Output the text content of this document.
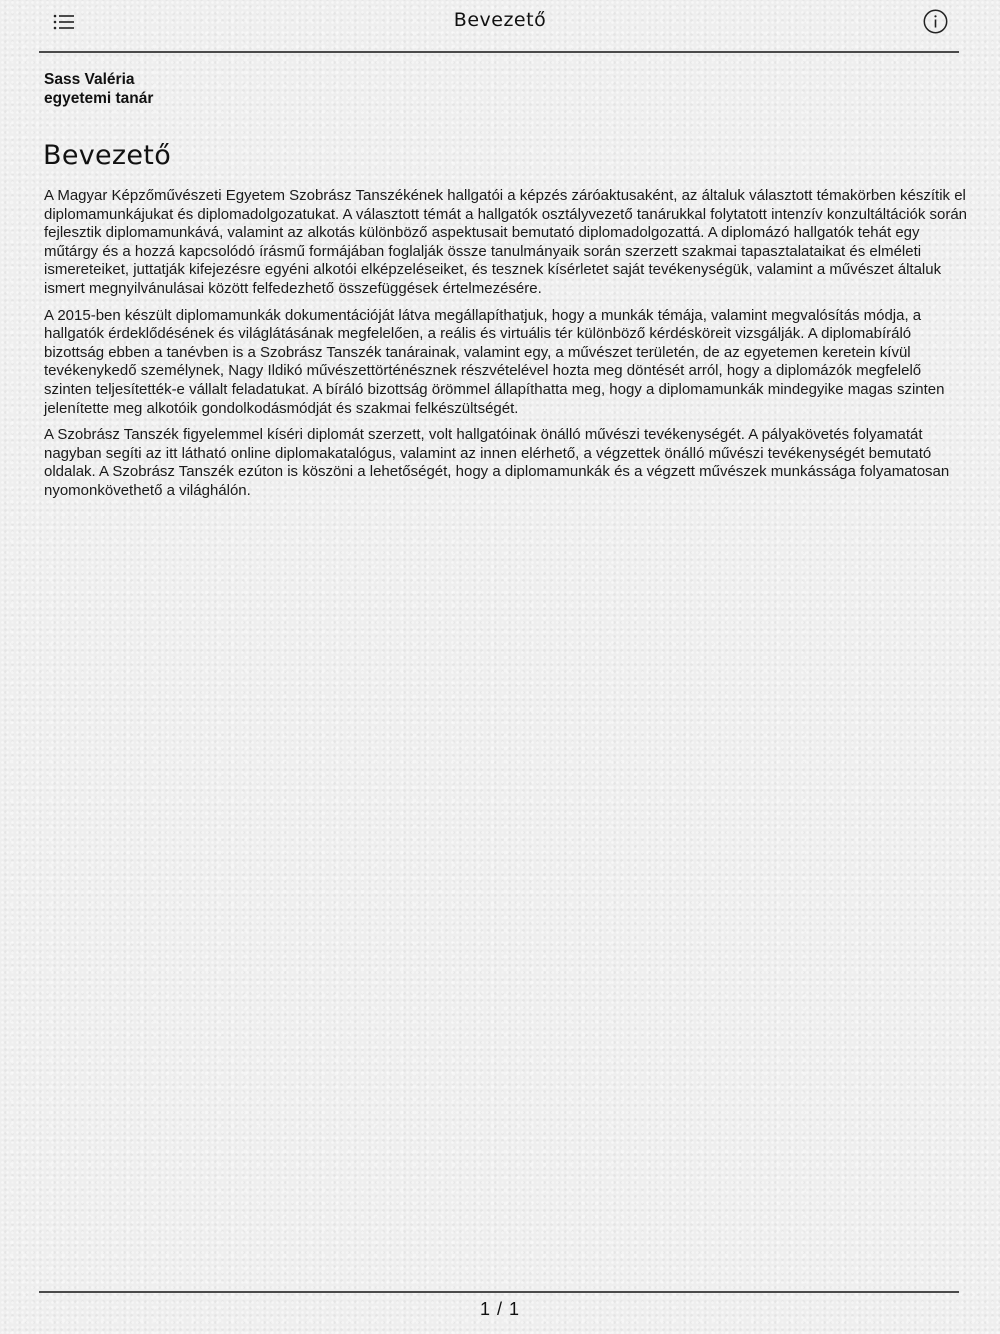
Bevezető
Sass Valéria
egyetemi tanár
Bevezető

A Magyar Képzőművészeti Egyetem Szobrász Tanszékének hallgatói a képzés záróaktusaként, az általuk választott témakörben készítik el diplomamunkájukat és diplomadolgozatukat. A választott témát a hallgatók osztályvezető tanárukkal folytatott intenzív konzultáltációk során fejlesztik diplomamunkává, valamint az alkotás különböző aspektusait bemutató diplomadolgozattá. A diplomázó hallgatók tehát egy műtárgy és a hozzá kapcsolódó írásmű formájában foglalják össze tanulmányaik során szerzett szakmai tapasztalataikat és elméleti ismereteiket, juttatják kifejezésre egyéni alkotói elképzeléseiket, és tesznek kísérletet saját tevékenységük, valamint a művészet általuk ismert megnyilvánulásai között felfedezhető összefüggések értelmezésére.

A 2015-ben készült diplomamunkák dokumentációját látva megállapíthatjuk, hogy a munkák témája, valamint megvalósítás módja, a hallgatók érdeklődésének és világlátásának megfelelően, a reális és virtuális tér különböző kérdésköreit vizsgálják. A diplomabíráló bizottság ebben a tanévben is a Szobrász Tanszék tanárainak, valamint egy, a művészet területén, de az egyetemen keretein kívül tevékenykedő személynek, Nagy Ildikó művészettörténésznek részvételével hozta meg döntését arról, hogy a diplomázók megfelelő szinten teljesítették-e vállalt feladatukat. A bíráló bizottság örömmel állapíthatta meg, hogy a diplomamunkák mindegyike magas szinten jelenítette meg alkotóik gondolkodásmódját és szakmai felkészültségét.

A Szobrász Tanszék figyelemmel kíséri diplomát szerzett, volt hallgatóinak önálló művészi tevékenységét. A pályakövetés folyamatát nagyban segíti az itt látható online diplomakatalógus, valamint az innen elérhető, a végzettek önálló művészi tevékenységét bemutató oldalak. A Szobrász Tanszék ezúton is köszöni a lehetőségét, hogy a diplomamunkák és a végzett művészek munkássága folyamatosan nyomonkövethető a világhálón.

1 / 1
